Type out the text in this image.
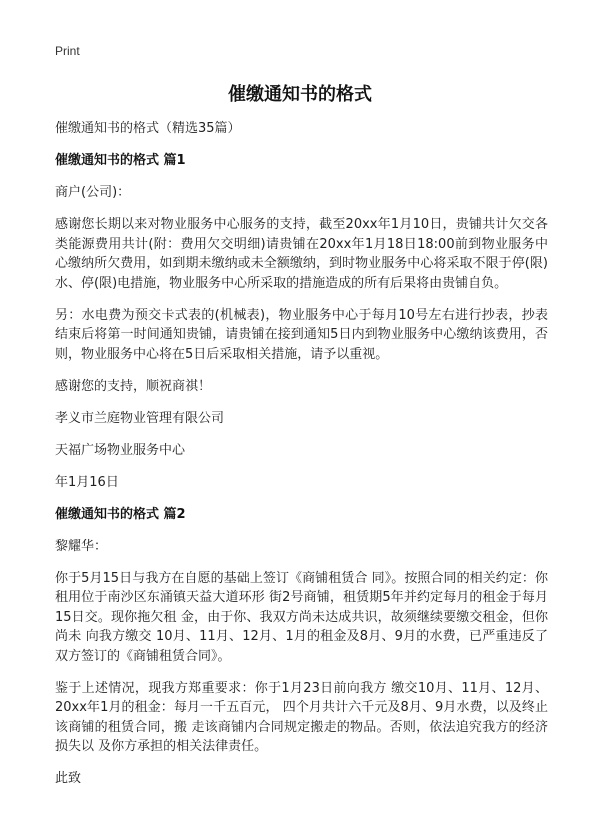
Print
催缴通知书的格式

催缴通知书的格式（精选35篇）

催缴通知书的格式 篇1

商户(公司)：

感谢您长期以来对物业服务中心服务的支持，截至20xx年1月10日，贵铺共计欠交各类能源费用共计(附：费用欠交明细)请贵铺在20xx年1月18日18:00前到物业服务中心缴纳所欠费用，如到期未缴纳或未全额缴纳，到时物业服务中心将采取不限于停(限)水、停(限)电措施，物业服务中心所采取的措施造成的所有后果将由贵铺自负。

另：水电费为预交卡式表的(机械表)，物业服务中心于每月10号左右进行抄表，抄表结束后将第一时间通知贵铺，请贵铺在接到通知5日内到物业服务中心缴纳该费用，否则，物业服务中心将在5日后采取相关措施，请予以重视。

感谢您的支持，顺祝商祺！

孝义市兰庭物业管理有限公司

天福广场物业服务中心

年1月16日

催缴通知书的格式 篇2

黎耀华：

你于5月15日与我方在自愿的基础上签订《商铺租赁合 同》。按照合同的相关约定：你租用位于南沙区东涌镇天益大道环形 街2号商铺，租赁期5年并约定每月的租金于每月15日交。现你拖欠租 金，由于你、我双方尚未达成共识，故须继续要缴交租金，但你尚未 向我方缴交 10月、11月、12月、1月的租金及8月、9月的水费，已严重违反了双方签订的《商铺租赁合同》。

鉴于上述情况，现我方郑重要求：你于1月23日前向我方 缴交10月、11月、12月、20xx年1月的租金：每月一千五百元， 四个月共计六千元及8月、9月水费，以及终止该商铺的租赁合同，搬 走该商铺内合同规定搬走的物品。否则，依法追究我方的经济损失以 及你方承担的相关法律责任。

此致
